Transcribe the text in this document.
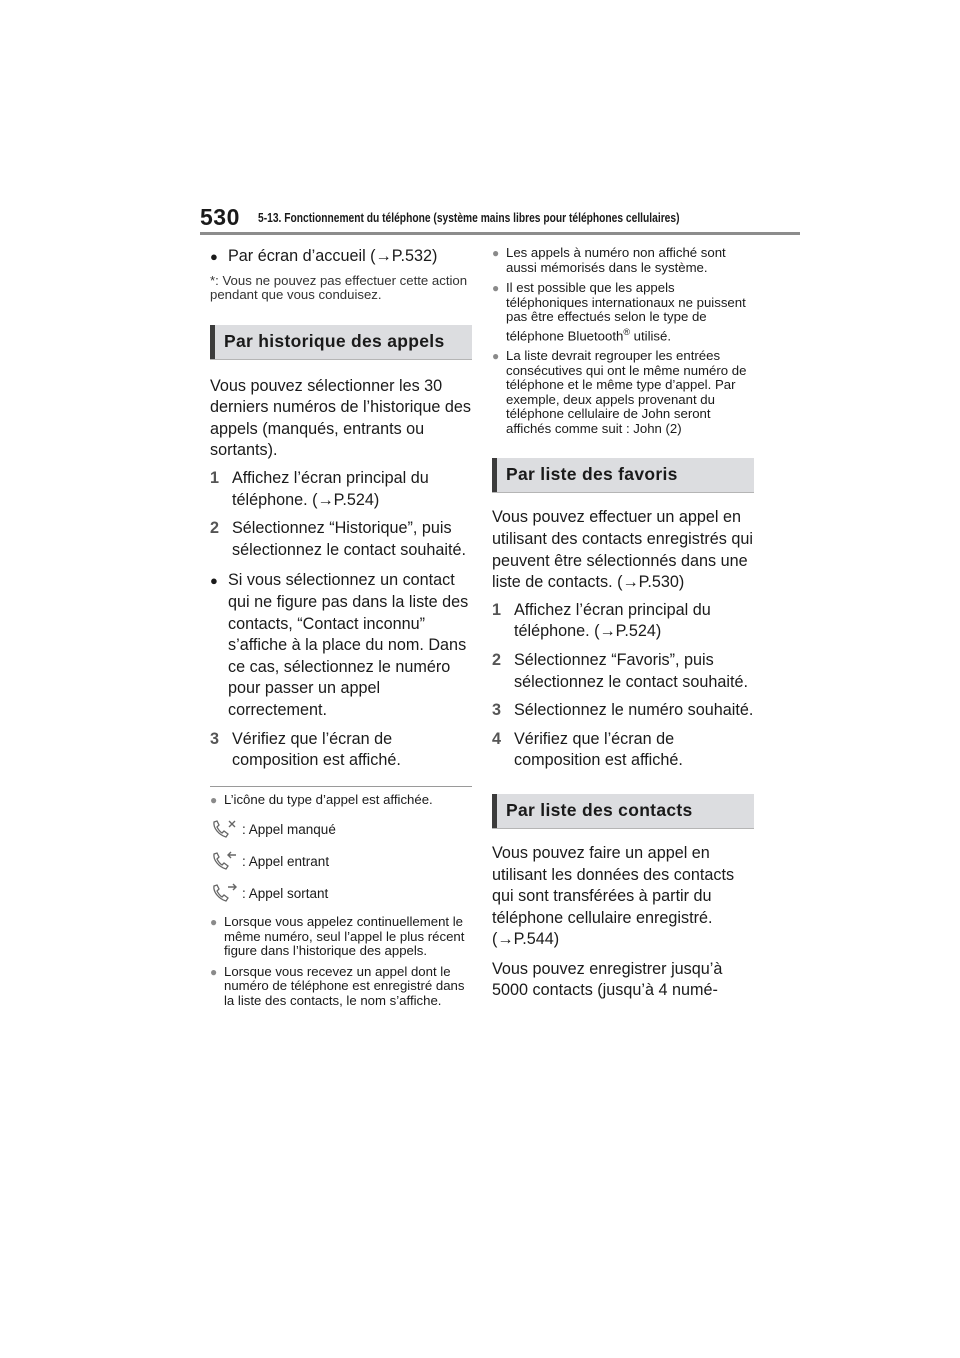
530 5-13. Fonctionnement du téléphone (système mains libres pour téléphones cellulaires)
● Par écran d’accueil (→P.532)

*: Vous ne pouvez pas effectuer cette action pendant que vous conduisez.

Par historique des appels

Vous pouvez sélectionner les 30 derniers numéros de l’historique des appels (manqués, entrants ou sortants).

1 Affichez l’écran principal du téléphone. (→P.524)

2 Sélectionnez “Historique”, puis sélectionnez le contact souhaité.

● Si vous sélectionnez un contact qui ne figure pas dans la liste des contacts, “Contact inconnu” s’affiche à la place du nom. Dans ce cas, sélectionnez le numéro pour passer un appel correctement.

3 Vérifiez que l’écran de composition est affiché.

● L’icône du type d’appel est affichée.

: Appel manqué
: Appel entrant
: Appel sortant
● Lorsque vous appelez continuellement le même numéro, seul l’appel le plus récent figure dans l’historique des appels.

● Lorsque vous recevez un appel dont le numéro de téléphone est enregistré dans la liste des contacts, le nom s’affiche.

● Les appels à numéro non affiché sont aussi mémorisés dans le système.

● Il est possible que les appels téléphoniques internationaux ne puissent pas être effectués selon le type de téléphone Bluetooth® utilisé.

● La liste devrait regrouper les entrées consécutives qui ont le même numéro de téléphone et le même type d’appel. Par exemple, deux appels provenant du téléphone cellulaire de John seront affichés comme suit : John (2)

Par liste des favoris

Vous pouvez effectuer un appel en utilisant des contacts enregistrés qui peuvent être sélectionnés dans une liste de contacts. (→P.530)

1 Affichez l’écran principal du téléphone. (→P.524)

2 Sélectionnez “Favoris”, puis sélectionnez le contact souhaité.

3 Sélectionnez le numéro souhaité.

4 Vérifiez que l’écran de composition est affiché.

Par liste des contacts

Vous pouvez faire un appel en utilisant les données des contacts qui sont transférées à partir du téléphone cellulaire enregistré. (→P.544)

Vous pouvez enregistrer jusqu’à 5000 contacts (jusqu’à 4 numé-
